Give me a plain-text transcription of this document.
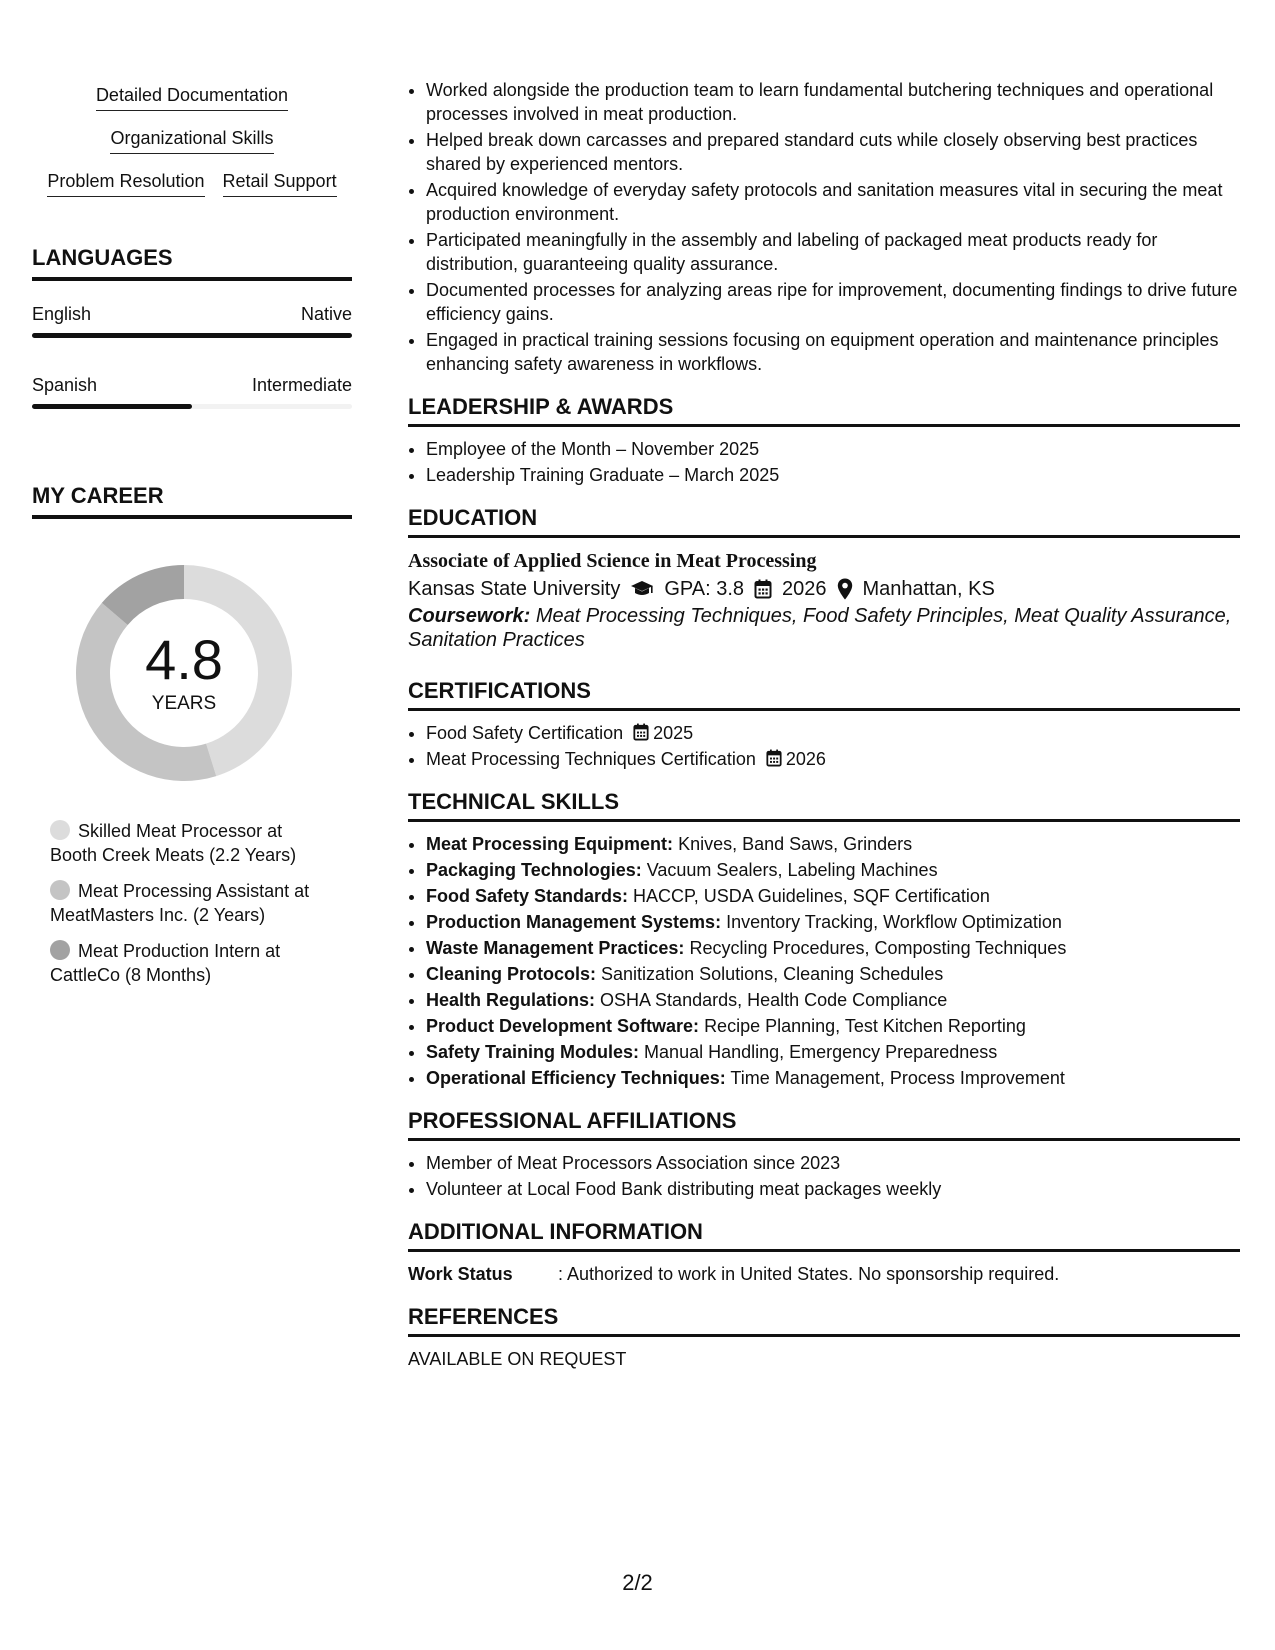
Detailed Documentation
Organizational Skills
Problem Resolution Retail Support
LANGUAGES
English	Native
Spanish	Intermediate
MY CAREER
4.8
YEARS
Skilled Meat Processor at Booth Creek Meats (2.2 Years)
Meat Processing Assistant at MeatMasters Inc. (2 Years)
Meat Production Intern at CattleCo (8 Months)
• Worked alongside the production team to learn fundamental butchering techniques and operational processes involved in meat production.
• Helped break down carcasses and prepared standard cuts while closely observing best practices shared by experienced mentors.
• Acquired knowledge of everyday safety protocols and sanitation measures vital in securing the meat production environment.
• Participated meaningfully in the assembly and labeling of packaged meat products ready for distribution, guaranteeing quality assurance.
• Documented processes for analyzing areas ripe for improvement, documenting findings to drive future efficiency gains.
• Engaged in practical training sessions focusing on equipment operation and maintenance principles enhancing safety awareness in workflows.
LEADERSHIP & AWARDS
• Employee of the Month – November 2025
• Leadership Training Graduate – March 2025
EDUCATION
Associate of Applied Science in Meat Processing
Kansas State University GPA: 3.8 2026 Manhattan, KS
Coursework: Meat Processing Techniques, Food Safety Principles, Meat Quality Assurance, Sanitation Practices
CERTIFICATIONS
• Food Safety Certification 2025
• Meat Processing Techniques Certification 2026
TECHNICAL SKILLS
• Meat Processing Equipment: Knives, Band Saws, Grinders
• Packaging Technologies: Vacuum Sealers, Labeling Machines
• Food Safety Standards: HACCP, USDA Guidelines, SQF Certification
• Production Management Systems: Inventory Tracking, Workflow Optimization
• Waste Management Practices: Recycling Procedures, Composting Techniques
• Cleaning Protocols: Sanitization Solutions, Cleaning Schedules
• Health Regulations: OSHA Standards, Health Code Compliance
• Product Development Software: Recipe Planning, Test Kitchen Reporting
• Safety Training Modules: Manual Handling, Emergency Preparedness
• Operational Efficiency Techniques: Time Management, Process Improvement
PROFESSIONAL AFFILIATIONS
• Member of Meat Processors Association since 2023
• Volunteer at Local Food Bank distributing meat packages weekly
ADDITIONAL INFORMATION
Work Status	: Authorized to work in United States. No sponsorship required.
REFERENCES
AVAILABLE ON REQUEST
2/2
